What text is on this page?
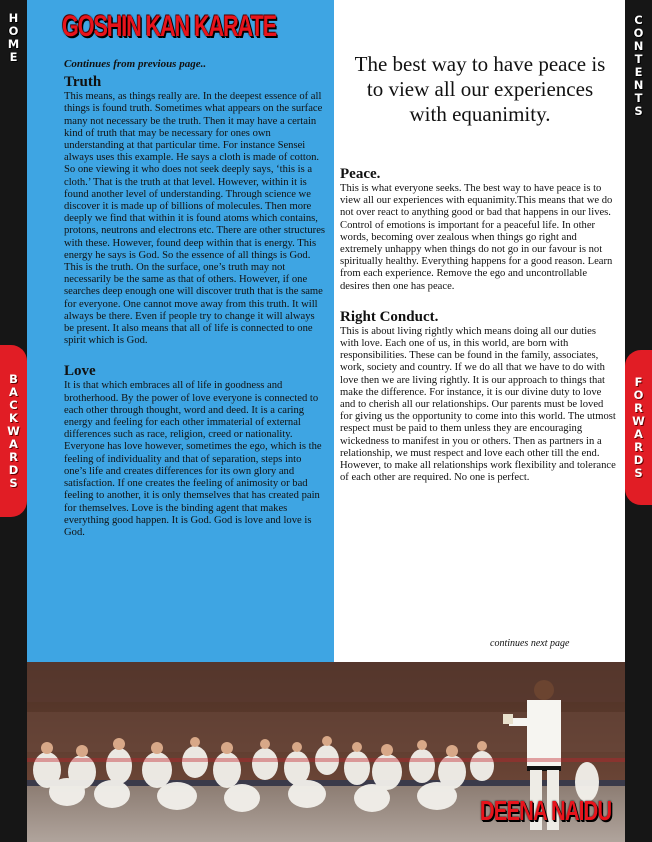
H
O
M
E
C
O
N
T
E
N
T
S
B
A
C
K
W
A
R
D
S
F
O
R
W
A
R
D
S
GOSHIN KAN KARATE

Continues from previous page..

Truth

This means, as things really are. In the deepest essence of all things is found truth. Sometimes what appears on the surface many not necessary be the truth. Then it may have a certain kind of truth that may be necessary for ones own understanding at that particular time. For instance Sensei always uses this example. He says a cloth is made of cotton. So one viewing it who does not seek deeply says, ‘this is a cloth.’ That is the truth at that level. However, within it is found another level of understanding. Through science we discover it is made up of billions of molecules. Then more deeply we find that within it is found atoms which contains, protons, neutrons and electrons etc. There are other structures with these. However, found deep within that is energy. This energy he says is God. So the essence of all things is God. This is the truth. On the surface, one’s truth may not necessarily be the same as that of others. However, if one searches deep enough one will discover truth that is the same for everyone. One cannot move away from this truth. It will always be there. Even if people try to change it will always be present. It also means that all of life is connected to one spirit which is God.

Love

It is that which embraces all of life in goodness and brotherhood. By the power of love everyone is connected to each other through thought, word and deed. It is a caring energy and feeling for each other immaterial of external differences such as race, religion, creed or nationality. Everyone has love however, sometimes the ego, which is the feeling of individuality and that of separation, steps into one’s life and creates differences for its own glory and satisfaction. If one creates the feeling of animosity or bad feeling to another, it is only themselves that has created pain for themselves. Love is the binding agent that makes everything good happen. It is God. God is love and love is God.

The best way to have peace is to view all our experiences with equanimity.

Peace.

This is what everyone seeks. The best way to have peace is to view all our experiences with equanimity.This means that we do not over react to anything good or bad that happens in our lives. Control of emotions is important for a peaceful life. In other words, becoming over zealous when things go right and extremely unhappy when things do not go in our favour is not spiritually healthy. Everything happens for a good reason. Learn from each experience. Remove the ego and uncontrollable desires then one has peace.

Right Conduct.

This is about living rightly which means doing all our duties with love. Each one of us, in this world, are born with responsibilities. These can be found in the family, associates, work, society and country. If we do all that we have to do with love then we are living rightly. It is our approach to things that make the difference. For instance, it is our divine duty to love and to cherish all our relationships. Our parents must be loved for giving us the opportunity to come into this world. The utmost respect must be paid to them unless they are encouraging wickedness to manifest in you or others. Then as partners in a relationship, we must respect and love each other till the end. However, to make all relationships work flexibility and tolerance of each other are required. No one is perfect.

continues next page
DEENA NAIDU
